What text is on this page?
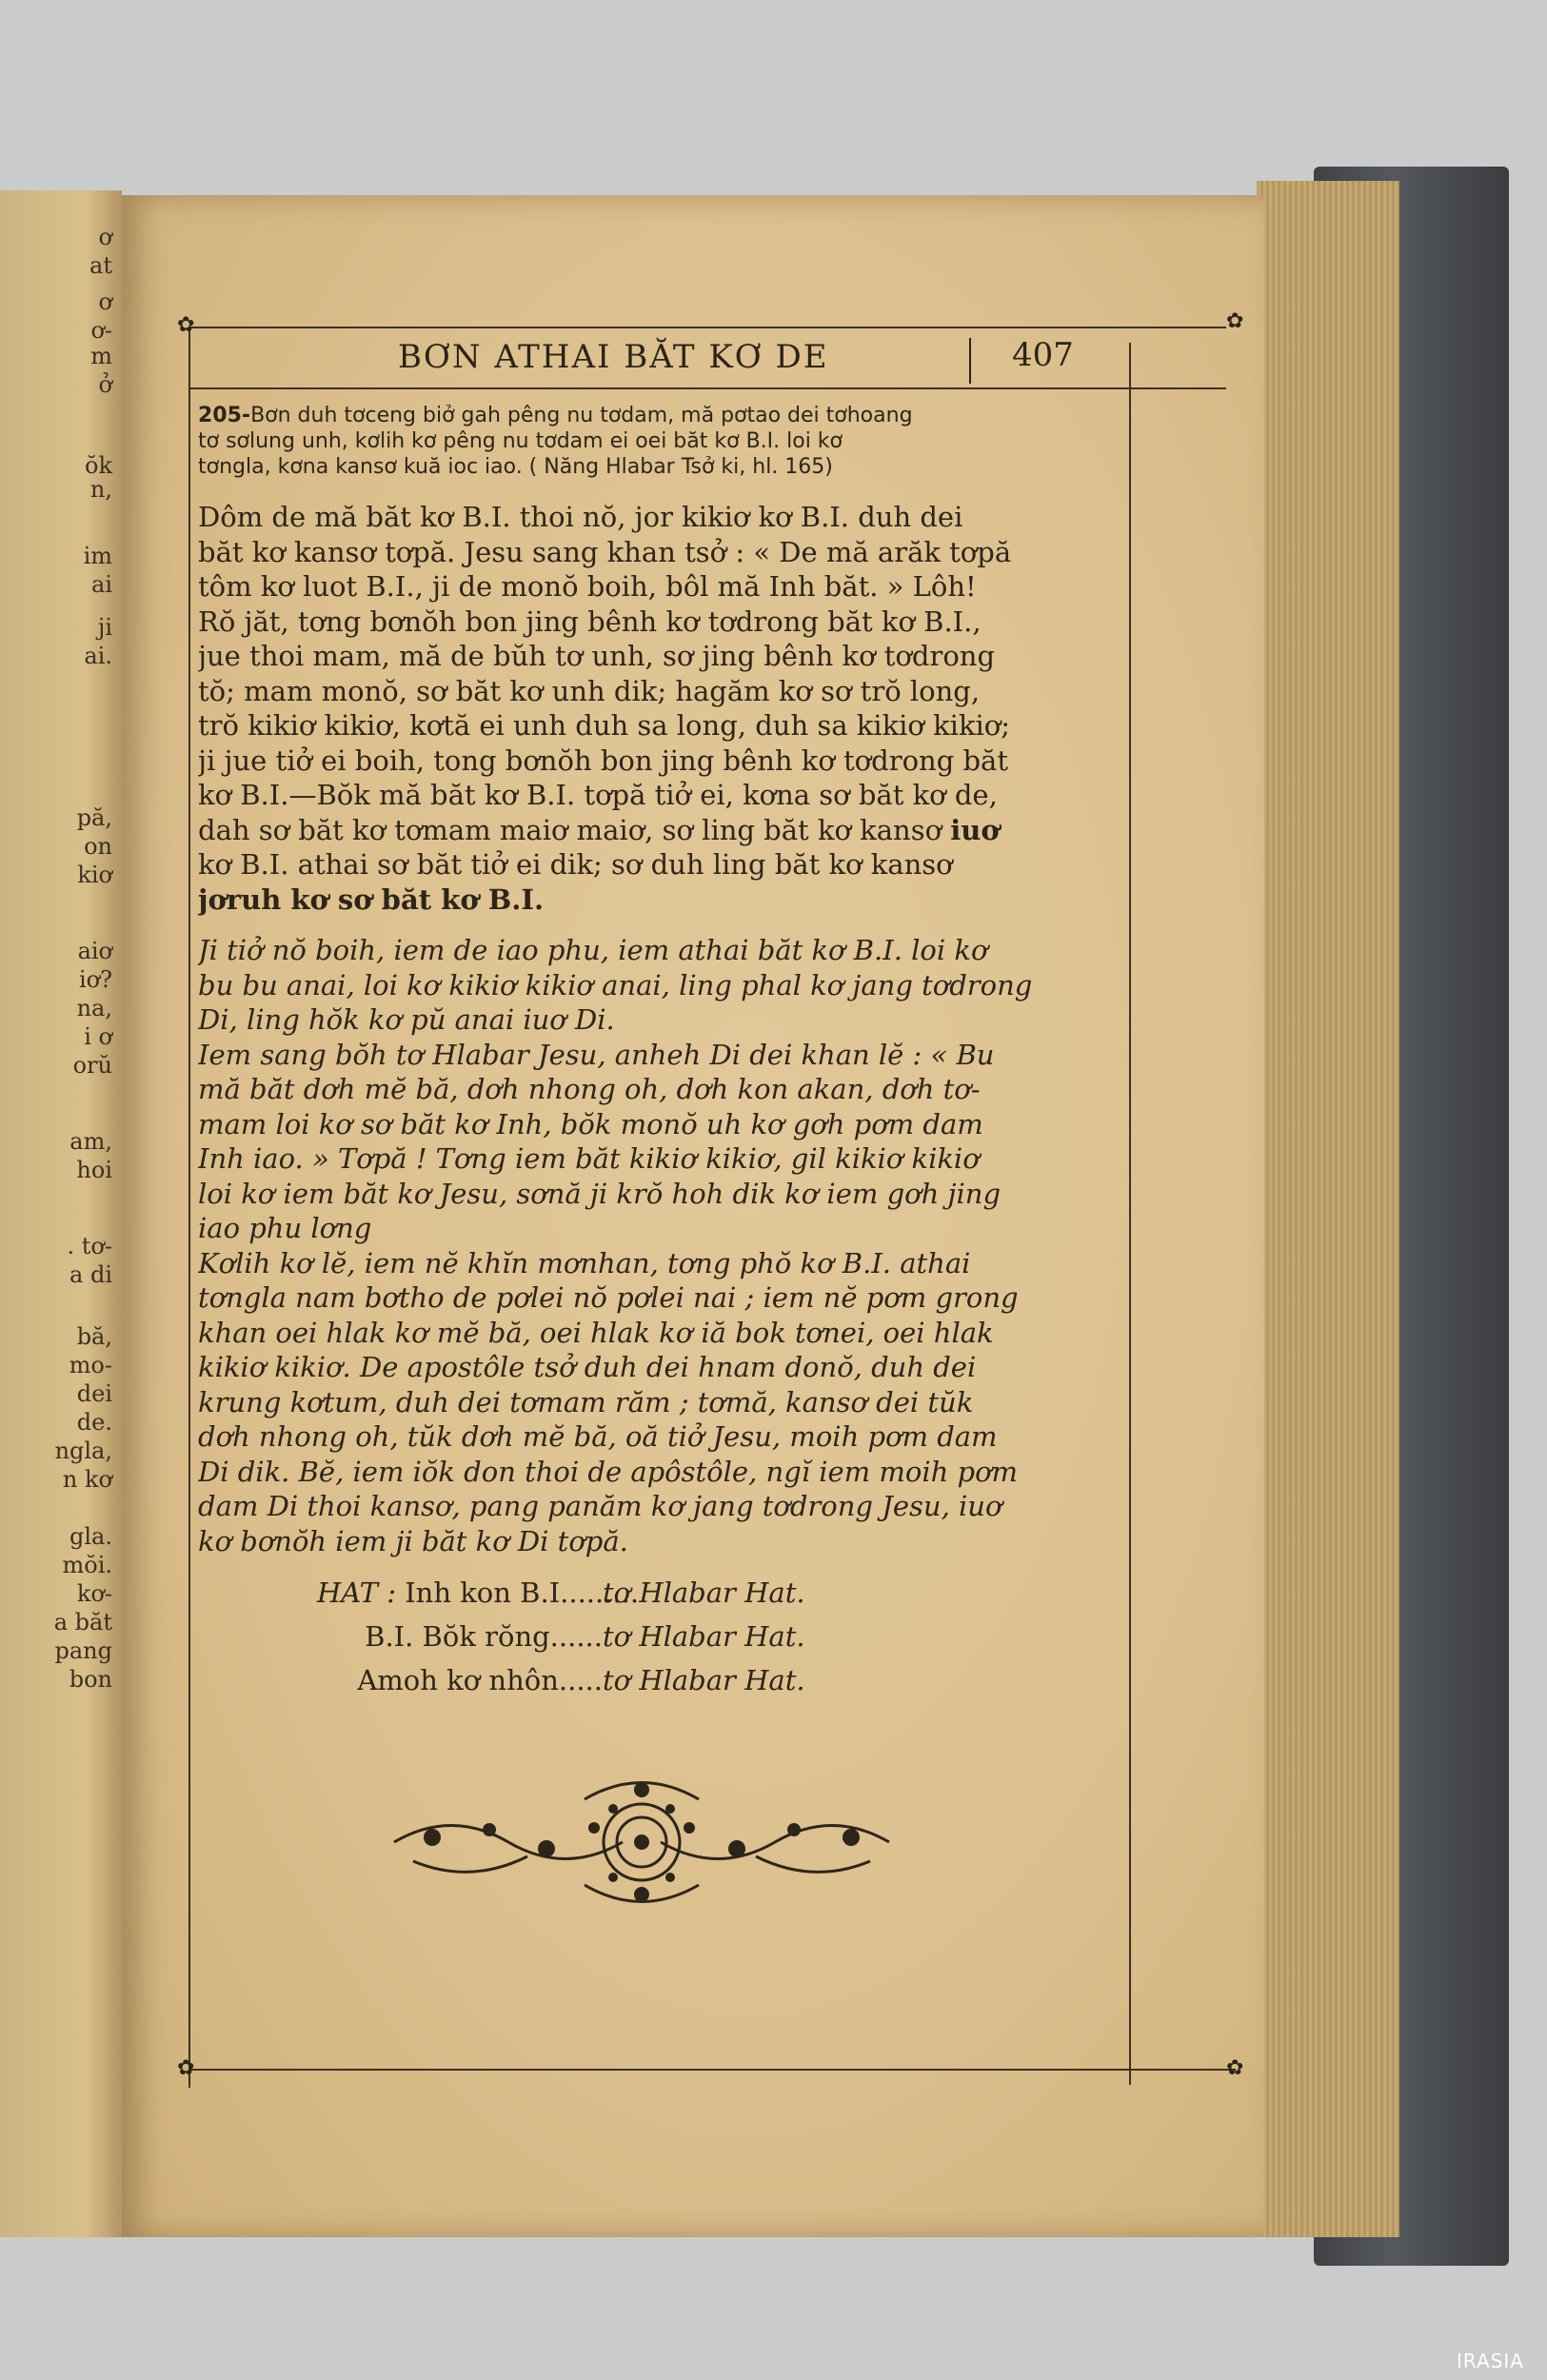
ơ
at
ơ
ơ-
m
ở
ŏk
n,
im
ai
ji
ai.
pă,
on
kiơ
aiơ
iơ?
na,
i ơ
orŭ
am,
hoi
. tơ-
a di
bă,
mo-
dei
de.
ngla,
n kơ
gla.
mŏi.
kơ-
a băt
pang
bon
✿	✿
✿	✿
BƠN ATHAI BĂT KƠ DE	407
205-Bơn duh tơceng biở gah pêng nu tơdam, mă pơtao dei tơhoang
tơ sơlung unh, kơlih kơ pêng nu tơdam ei oei băt kơ B.I. loi kơ
tơngla, kơna kansơ kuă ioc iao. ( Năng Hlabar Tsở ki, hl. 165)
Dôm de mă băt kơ B.I. thoi nŏ, jor kikiơ kơ B.I. duh dei
băt kơ kansơ tơpă. Jesu sang khan tsở : « De mă arăk tơpă
tôm kơ luot B.I., ji de monŏ boih, bôl mă Inh băt. » Lôh!
Rŏ jăt, tơng bơnŏh bon jing bênh kơ tơdrong băt kơ B.I.,
jue thoi mam, mă de bŭh tơ unh, sơ jing bênh kơ tơdrong
tŏ; mam monŏ, sơ băt kơ unh dik; hagăm kơ sơ trŏ long,
trŏ kikiơ kikiơ, kơtă ei unh duh sa long, duh sa kikiơ kikiơ;
ji jue tiở ei boih, tong bơnŏh bon jing bênh kơ tơdrong băt
kơ B.I.—Bŏk mă băt kơ B.I. tơpă tiở ei, kơna sơ băt kơ de,
dah sơ băt kơ tơmam maiơ maiơ, sơ ling băt kơ kansơ iuơ
kơ B.I. athai sơ băt tiở ei dik; sơ duh ling băt kơ kansơ
jơruh kơ sơ băt kơ B.I.
Ji tiở nŏ boih, iem de iao phu, iem athai băt kơ B.I. loi kơ
bu bu anai, loi kơ kikiơ kikiơ anai, ling phal kơ jang tơdrong
Di, ling hŏk kơ pŭ anai iuơ Di.
Iem sang bŏh tơ Hlabar Jesu, anheh Di dei khan lĕ : « Bu
mă băt dơh mĕ bă, dơh nhong oh, dơh kon akan, dơh tơ-
mam loi kơ sơ băt kơ Inh, bŏk monŏ uh kơ gơh pơm dam
Inh iao. » Tơpă ! Tơng iem băt kikiơ kikiơ, gil kikiơ kikiơ
loi kơ iem băt kơ Jesu, sơnă ji krŏ hoh dik kơ iem gơh jing
iao phu lơng
Kơlih kơ lĕ, iem nĕ khĭn mơnhan, tơng phŏ kơ B.I. athai
tơngla nam bơtho de pơlei nŏ pơlei nai ; iem nĕ pơm grong
khan oei hlak kơ mĕ bă, oei hlak kơ iă bok tơnei, oei hlak
kikiơ kikiơ. De apostôle tsở duh dei hnam donŏ, duh dei
krung kơtum, duh dei tơmam răm ; tơmă, kansơ dei tŭk
dơh nhong oh, tŭk dơh mĕ bă, oă tiở Jesu, moih pơm dam
Di dik. Bĕ, iem iŏk don thoi de apôstôle, ngĭ iem moih pơm
dam Di thoi kansơ, pang panăm kơ jang tơdrong Jesu, iuơ
kơ bơnŏh iem ji băt kơ Di tơpă.
HAT : Inh kon B.I.........tơ Hlabar Hat.
B.I. Bŏk rŏng......tơ Hlabar Hat.
Amoh kơ nhôn.....tơ Hlabar Hat.
IRASIA
